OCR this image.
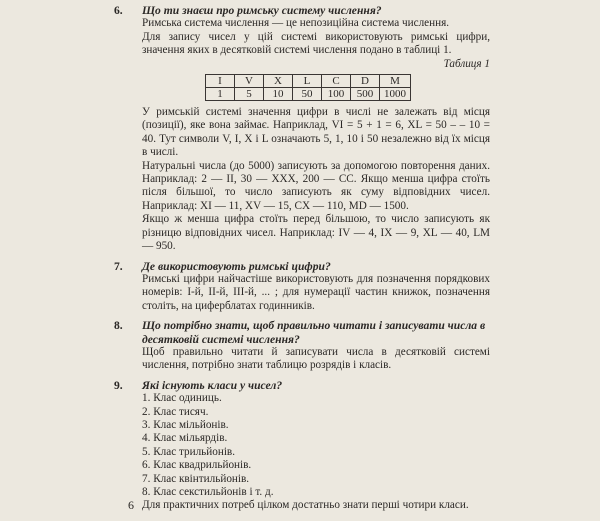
6. Що ти знаєш про римську систему числення?
Римська система числення — це непозиційна система числення.
Для запису чисел у цій системі використовують римські цифри, значення яких в десятковій системі числення подано в таблиці 1.
Таблиця 1
I	V	X	L	C	D	M
1	5	10	50	100	500	1000
У римській системі значення цифри в числі не залежать від місця (позиції), яке вона займає. Наприклад, VI = 5 + 1 = 6, XL = 50 – – 10 = 40. Тут символи V, I, X і L означають 5, 1, 10 і 50 незалежно від їх місця в числі.
Натуральні числа (до 5000) записують за допомогою повторення даних. Наприклад: 2 — II, 30 — XXX, 200 — CC. Якщо менша цифра стоїть після більшої, то число записують як суму відповідних чисел. Наприклад: XI — 11, XV — 15, CX — 110, MD — 1500.
Якщо ж менша цифра стоїть перед більшою, то число записують як різницю відповідних чисел. Наприклад: IV — 4, IX — 9, XL — 40, LM — 950.
7. Де використовують римські цифри?
Римські цифри найчастіше використовують для позначення порядкових номерів: I-й, II-й, III-й, ... ; для нумерації частин книжок, позначення століть, на циферблатах годинників.
8. Що потрібно знати, щоб правильно читати і записувати числа в десятковій системі числення?
Щоб правильно читати й записувати числа в десятковій системі числення, потрібно знати таблицю розрядів і класів.
9. Які існують класи у чисел?
1. Клас одиниць.
2. Клас тисяч.
3. Клас мільйонів.
4. Клас мільярдів.
5. Клас трильйонів.
6. Клас квадрильйонів.
7. Клас квінтильйонів.
8. Клас секстильйонів і т. д.
Для практичних потреб цілком достатньо знати перші чотири класи.
6
